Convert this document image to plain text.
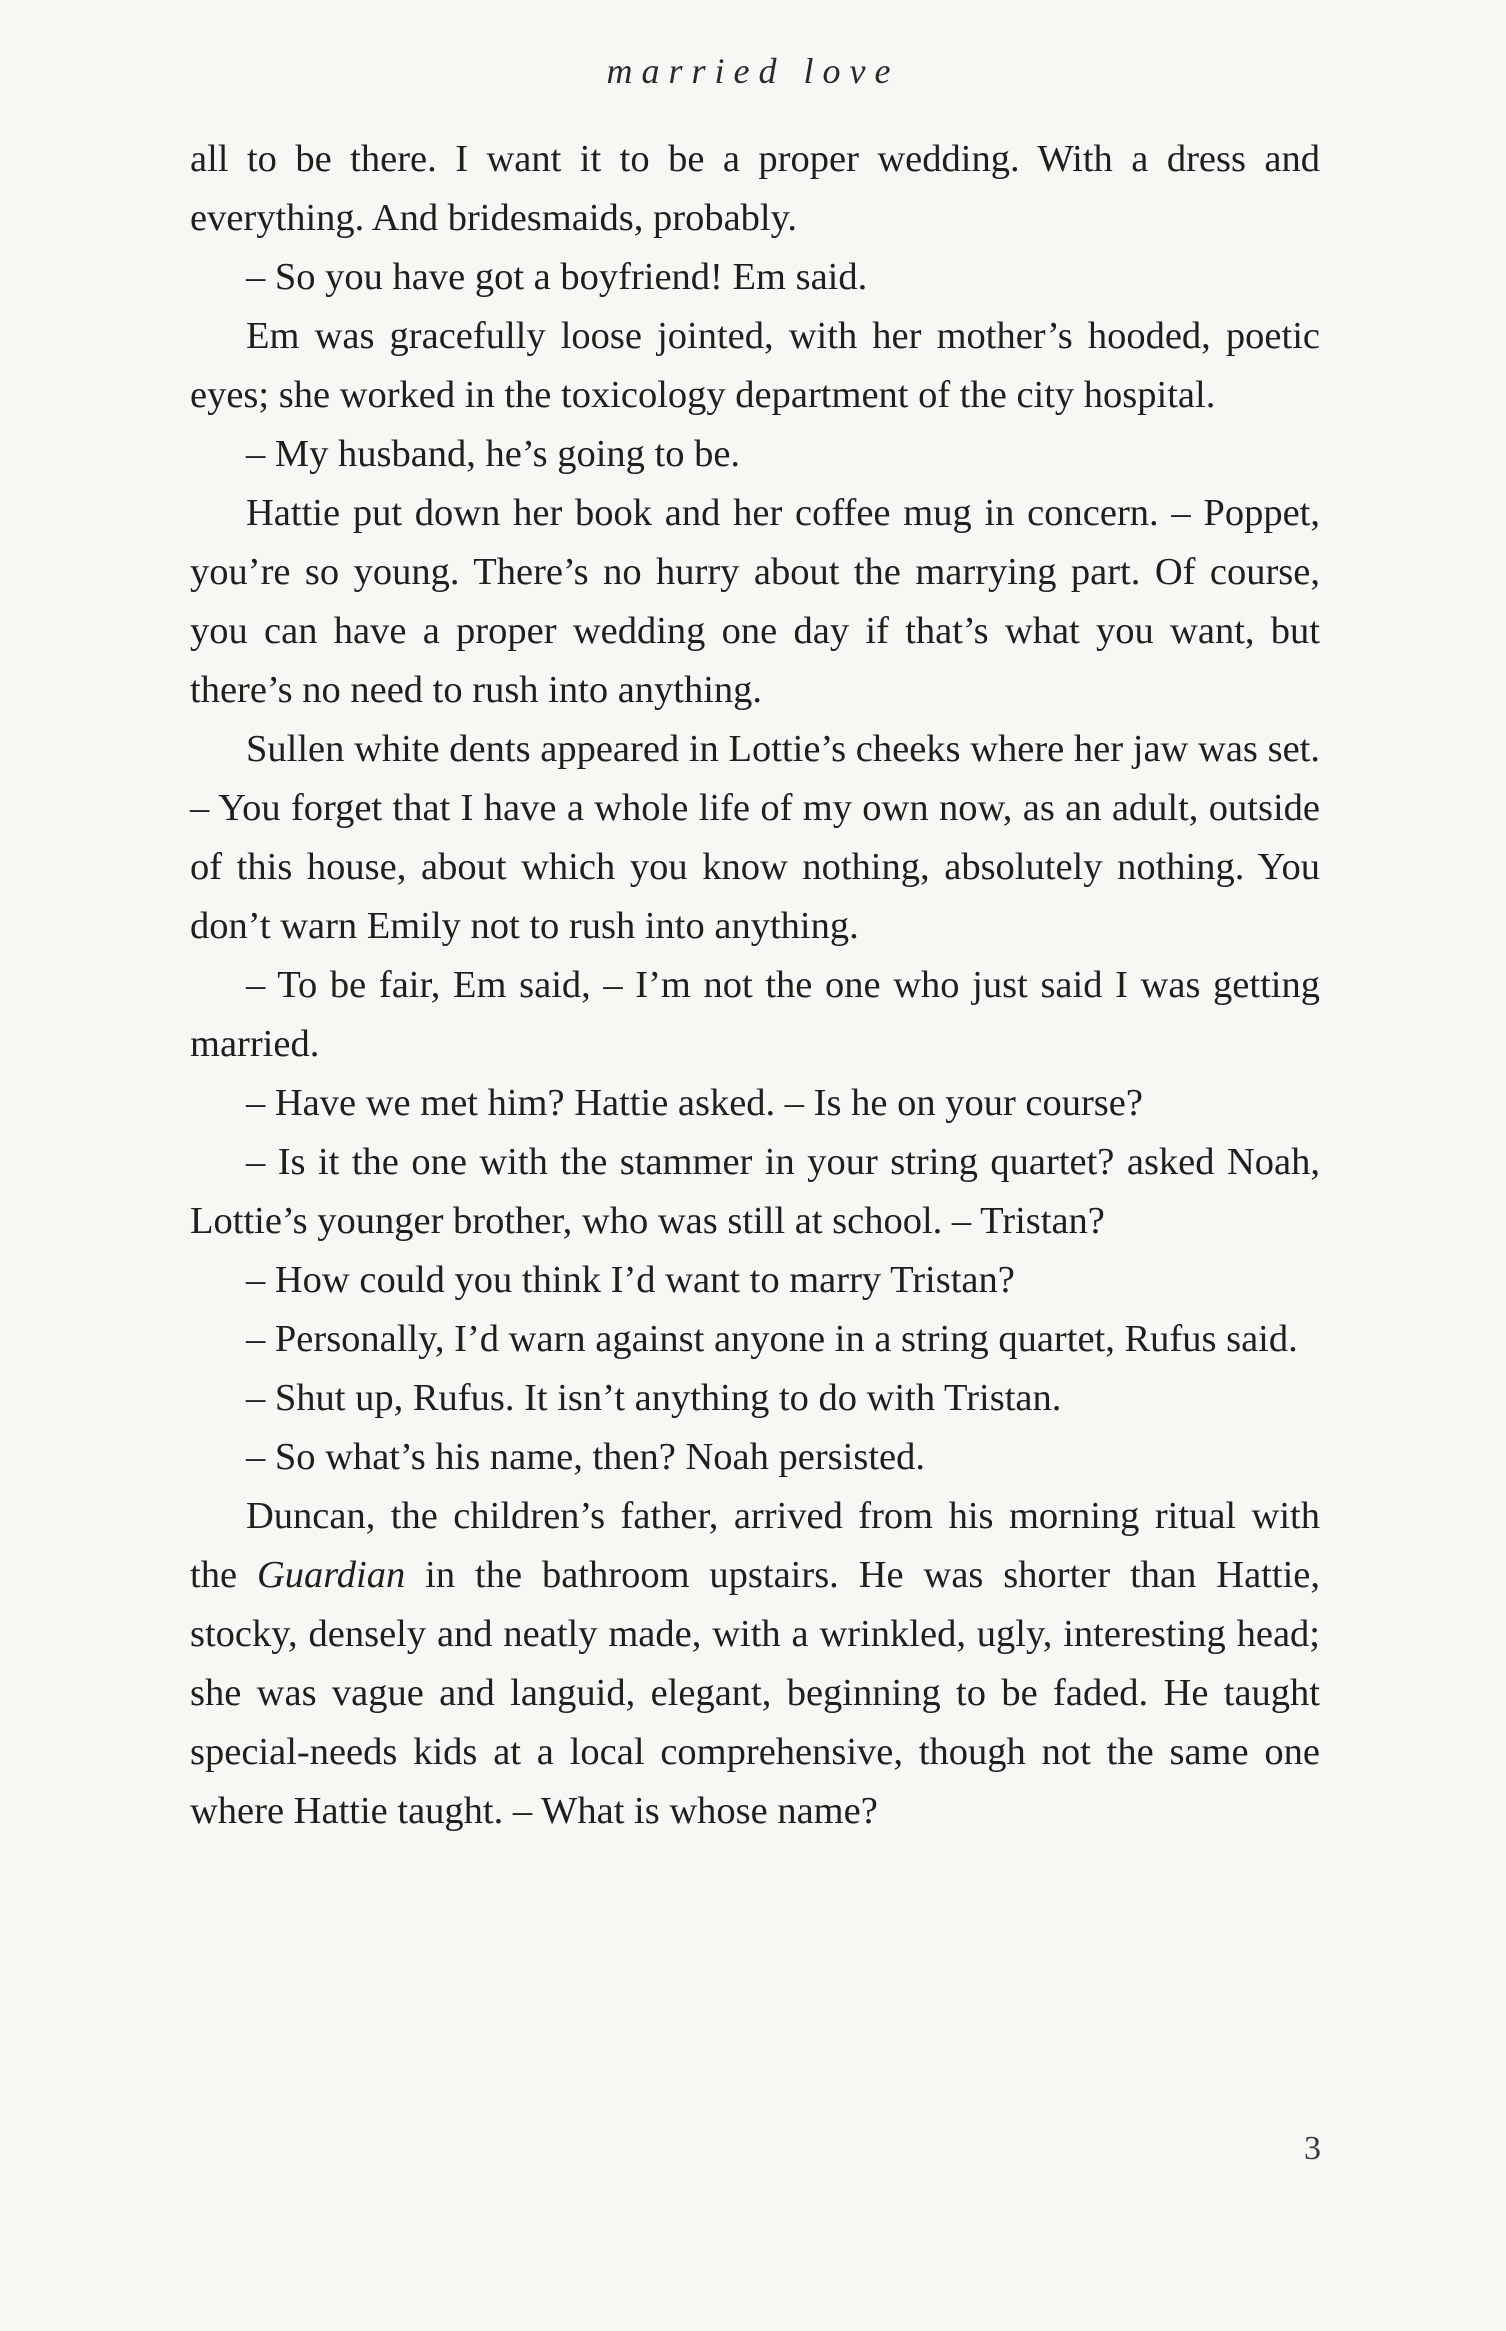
married love

all to be there. I want it to be a proper wedding. With a dress and everything. And bridesmaids, probably.

– So you have got a boyfriend! Em said.

Em was gracefully loose jointed, with her mother’s hooded, poetic eyes; she worked in the toxicology department of the city hospital.

– My husband, he’s going to be.

Hattie put down her book and her coffee mug in concern. – Poppet, you’re so young. There’s no hurry about the marrying part. Of course, you can have a proper wedding one day if that’s what you want, but there’s no need to rush into anything.

Sullen white dents appeared in Lottie’s cheeks where her jaw was set. – You forget that I have a whole life of my own now, as an adult, outside of this house, about which you know nothing, absolutely nothing. You don’t warn Emily not to rush into anything.

– To be fair, Em said, – I’m not the one who just said I was getting married.

– Have we met him? Hattie asked. – Is he on your course?

– Is it the one with the stammer in your string quartet? asked Noah, Lottie’s younger brother, who was still at school. – Tristan?

– How could you think I’d want to marry Tristan?

– Personally, I’d warn against anyone in a string quartet, Rufus said.

– Shut up, Rufus. It isn’t anything to do with Tristan.

– So what’s his name, then? Noah persisted.

Duncan, the children’s father, arrived from his morning ritual with the Guardian in the bathroom upstairs. He was shorter than Hattie, stocky, densely and neatly made, with a wrinkled, ugly, interesting head; she was vague and languid, elegant, beginning to be faded. He taught special-needs kids at a local comprehensive, though not the same one where Hattie taught. – What is whose name?

3
